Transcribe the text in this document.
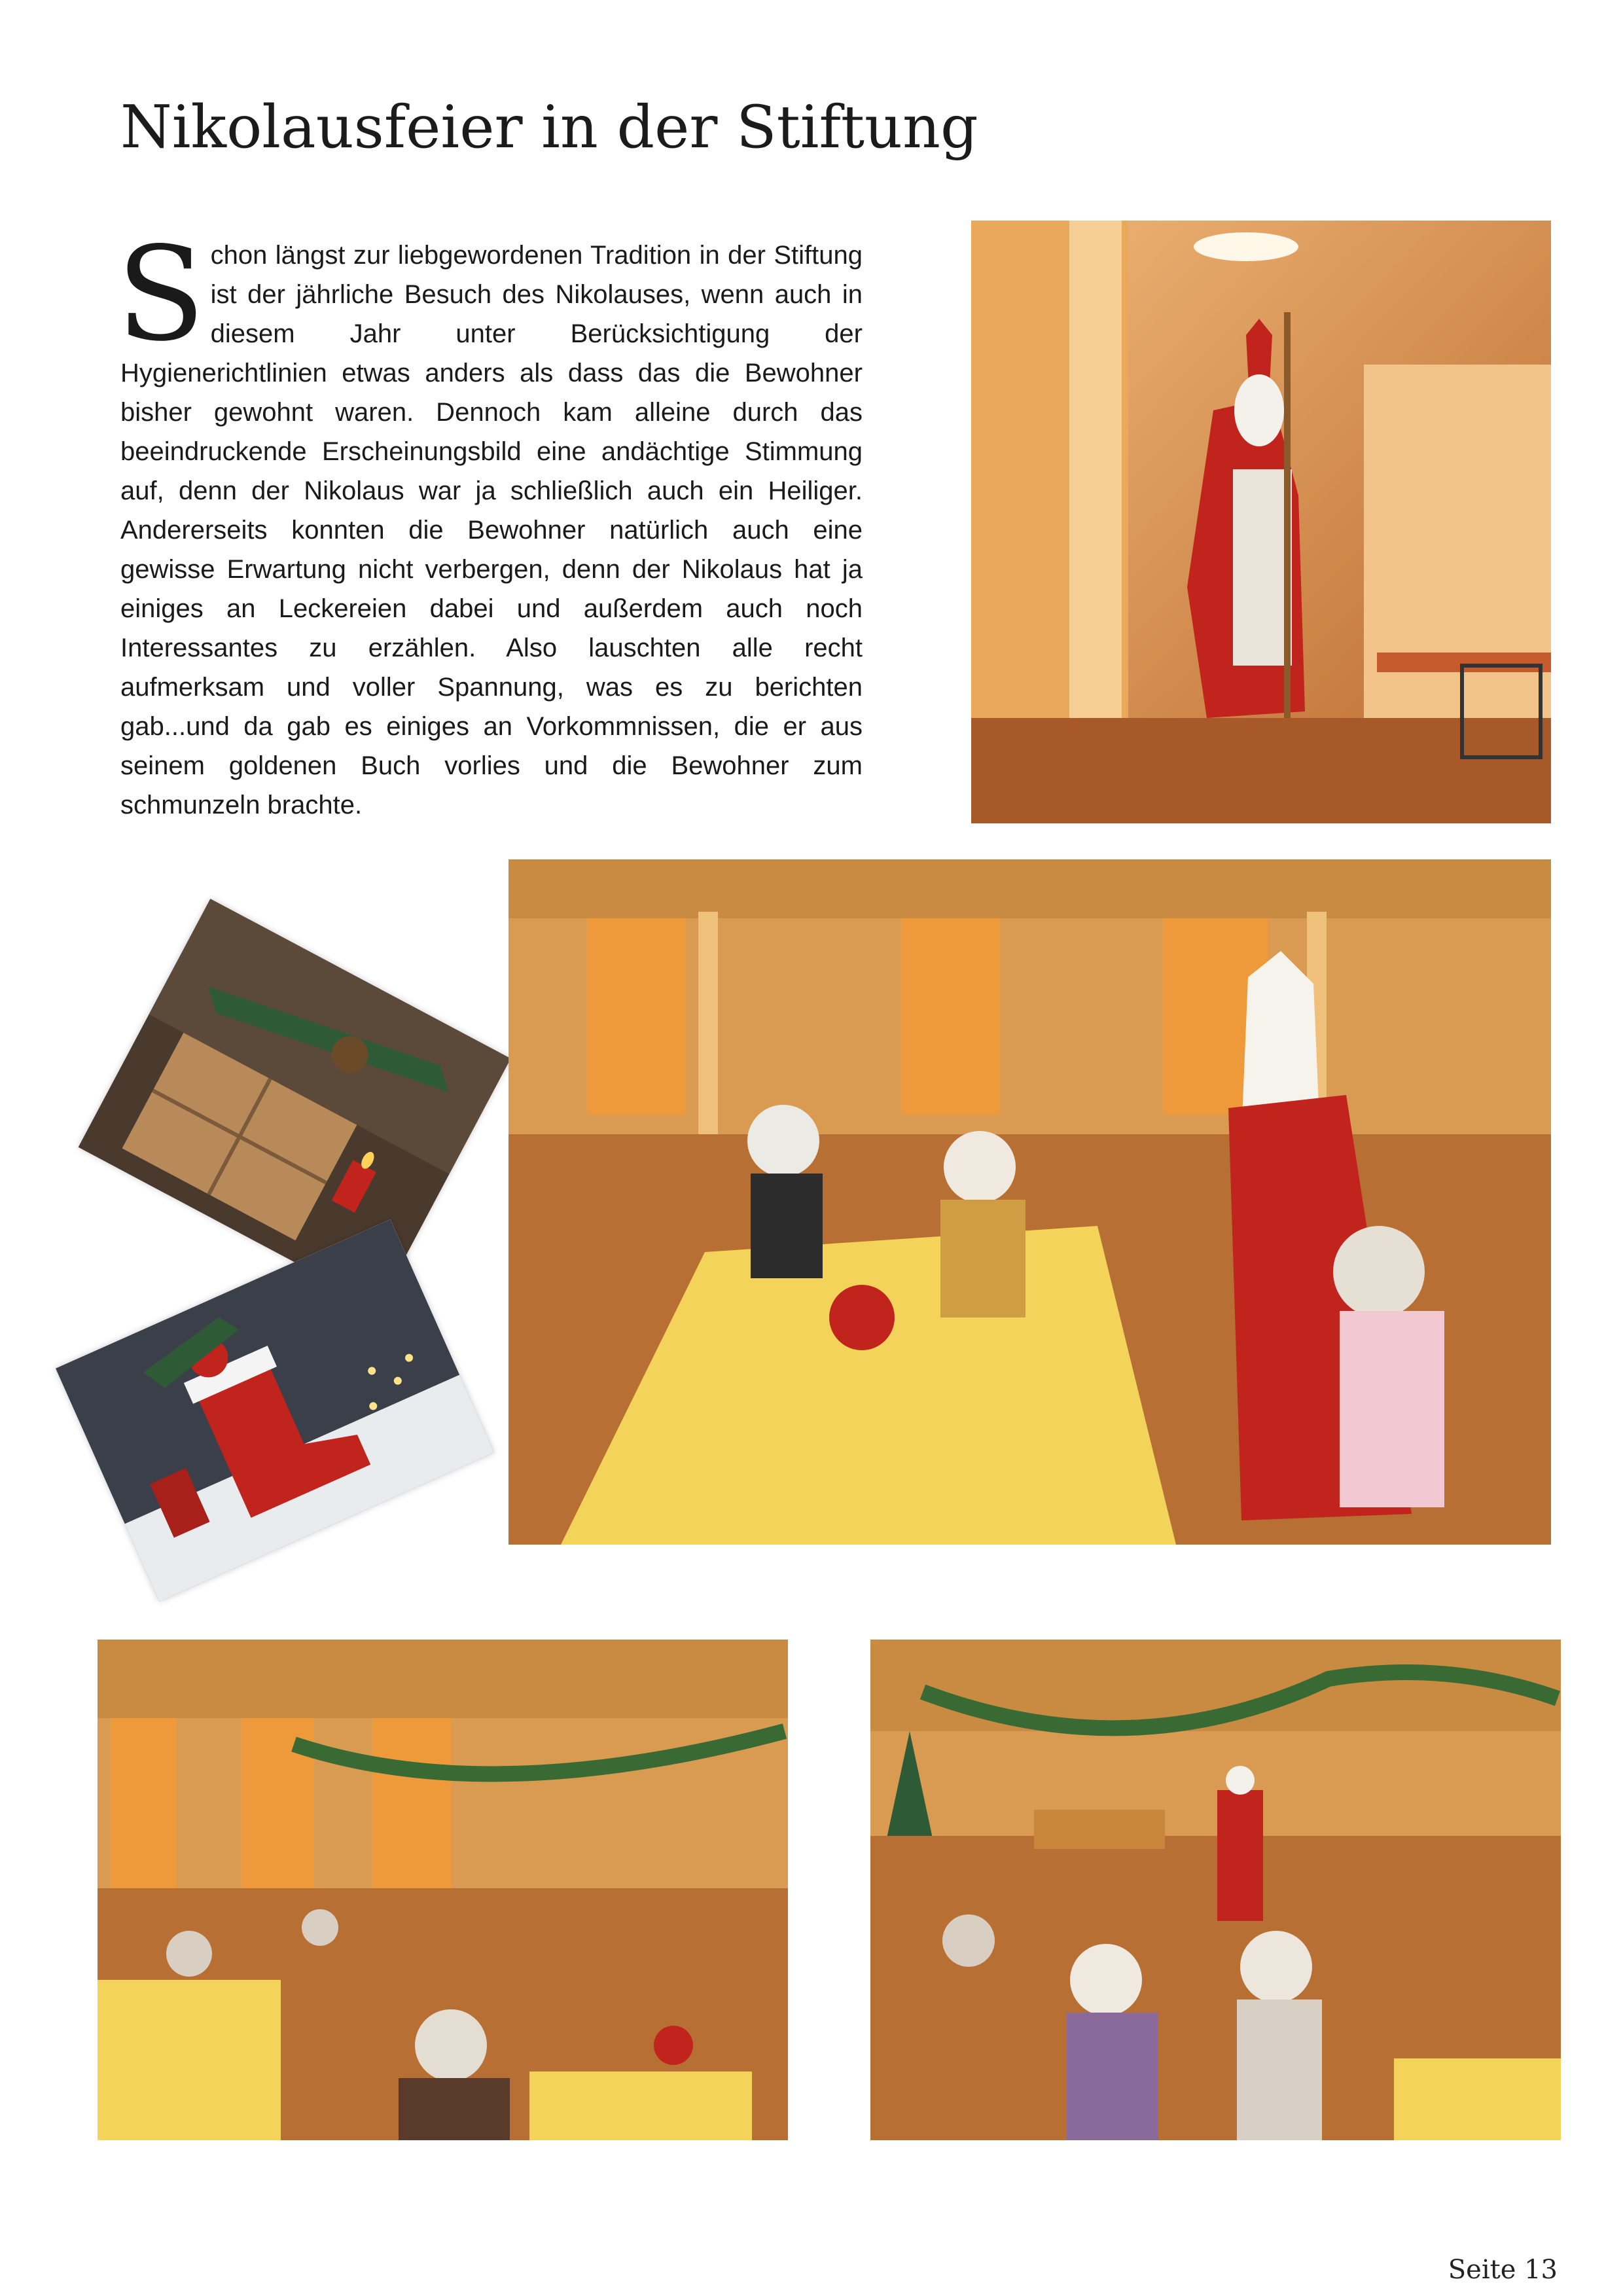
Nikolausfeier in der Stiftung

Schon längst zur liebgewordenen Tradition in der Stiftung ist der jährliche Besuch des Nikolauses, wenn auch in diesem Jahr unter Berücksichtigung der Hygienerichtlinien etwas anders als dass das die Bewohner bisher gewohnt waren. Dennoch kam alleine durch das beeindruckende Erscheinungsbild eine andächtige Stimmung auf, denn der Nikolaus war ja schließlich auch ein Heiliger. Andererseits konnten die Bewohner natürlich auch eine gewisse Erwartung nicht verbergen, denn der Nikolaus hat ja einiges an Leckereien dabei und außerdem auch noch Interessantes zu erzählen. Also lauschten alle recht aufmerksam und voller Spannung, was es zu berichten gab...und da gab es einiges an Vorkommnissen, die er aus seinem goldenen Buch vorlies und die Bewohner zum schmunzeln brachte.

Seite 13
